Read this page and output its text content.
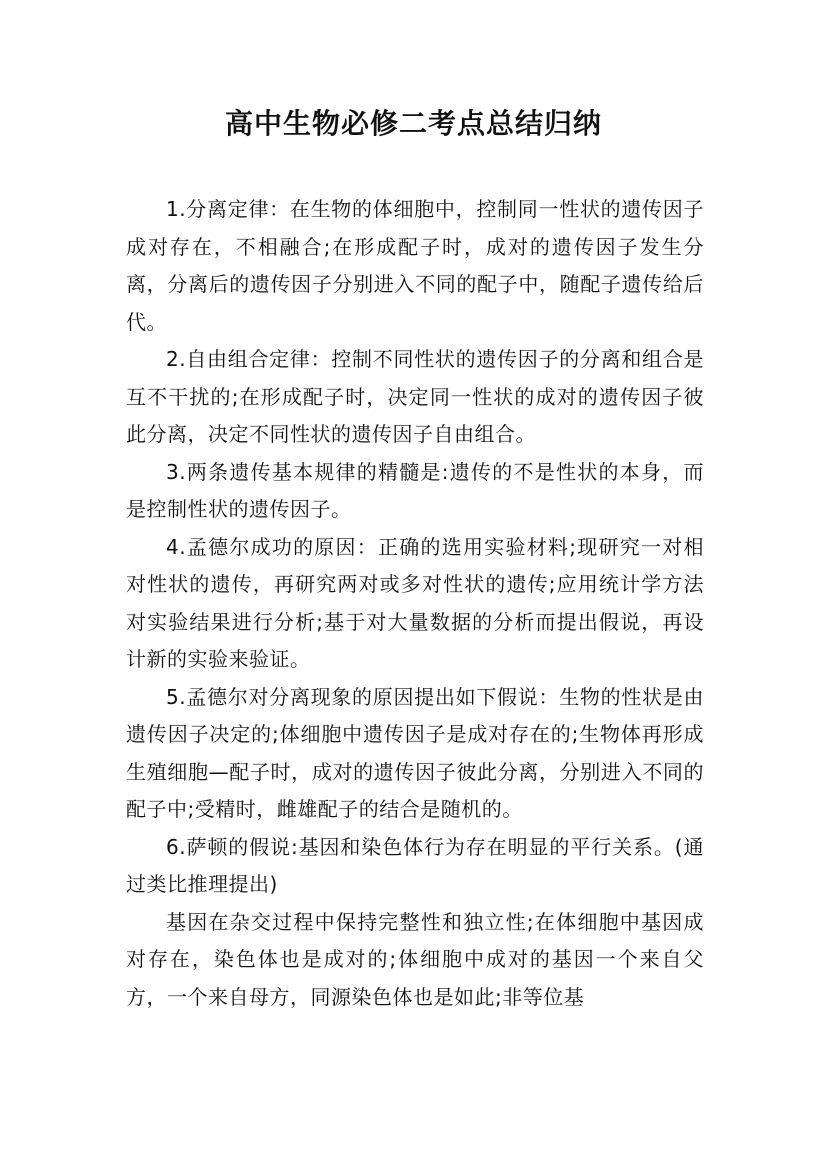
高中生物必修二考点总结归纳

1.分离定律：在生物的体细胞中，控制同一性状的遗传因子成对存在，不相融合;在形成配子时，成对的遗传因子发生分离，分离后的遗传因子分别进入不同的配子中，随配子遗传给后代。

2.自由组合定律：控制不同性状的遗传因子的分离和组合是互不干扰的;在形成配子时，决定同一性状的成对的遗传因子彼此分离，决定不同性状的遗传因子自由组合。

3.两条遗传基本规律的精髓是:遗传的不是性状的本身，而是控制性状的遗传因子。

4.孟德尔成功的原因：正确的选用实验材料;现研究一对相对性状的遗传，再研究两对或多对性状的遗传;应用统计学方法对实验结果进行分析;基于对大量数据的分析而提出假说，再设计新的实验来验证。

5.孟德尔对分离现象的原因提出如下假说：生物的性状是由遗传因子决定的;体细胞中遗传因子是成对存在的;生物体再形成生殖细胞—配子时，成对的遗传因子彼此分离，分别进入不同的配子中;受精时，雌雄配子的结合是随机的。

6.萨顿的假说:基因和染色体行为存在明显的平行关系。(通过类比推理提出)

基因在杂交过程中保持完整性和独立性;在体细胞中基因成对存在，染色体也是成对的;体细胞中成对的基因一个来自父方，一个来自母方，同源染色体也是如此;非等位基
